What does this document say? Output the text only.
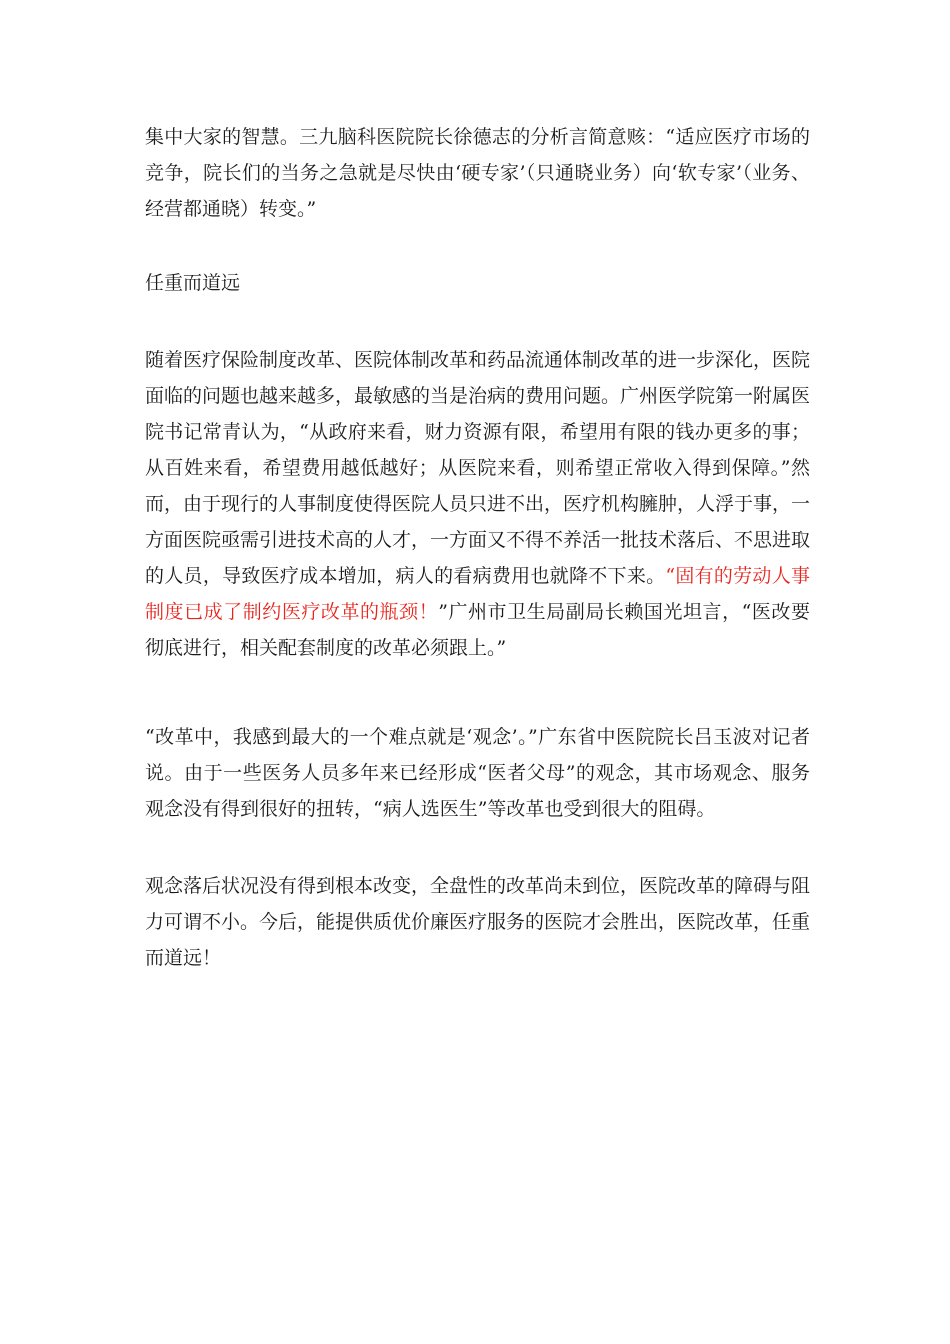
集中大家的智慧。三九脑科医院院长徐德志的分析言简意赅：“适应医疗市场的竞争，院长们的当务之急就是尽快由‘硬专家’（只通晓业务）向‘软专家’（业务、经营都通晓）转变。”

任重而道远

随着医疗保险制度改革、医院体制改革和药品流通体制改革的进一步深化，医院面临的问题也越来越多，最敏感的当是治病的费用问题。广州医学院第一附属医院书记常青认为，“从政府来看，财力资源有限，希望用有限的钱办更多的事；从百姓来看，希望费用越低越好；从医院来看，则希望正常收入得到保障。”然而，由于现行的人事制度使得医院人员只进不出，医疗机构臃肿，人浮于事，一方面医院亟需引进技术高的人才，一方面又不得不养活一批技术落后、不思进取的人员，导致医疗成本增加，病人的看病费用也就降不下来。“固有的劳动人事制度已成了制约医疗改革的瓶颈！”广州市卫生局副局长赖国光坦言，“医改要彻底进行，相关配套制度的改革必须跟上。”

“改革中，我感到最大的一个难点就是‘观念’。”广东省中医院院长吕玉波对记者说。由于一些医务人员多年来已经形成“医者父母”的观念，其市场观念、服务观念没有得到很好的扭转，“病人选医生”等改革也受到很大的阻碍。

观念落后状况没有得到根本改变，全盘性的改革尚未到位，医院改革的障碍与阻力可谓不小。今后，能提供质优价廉医疗服务的医院才会胜出，医院改革，任重而道远！
